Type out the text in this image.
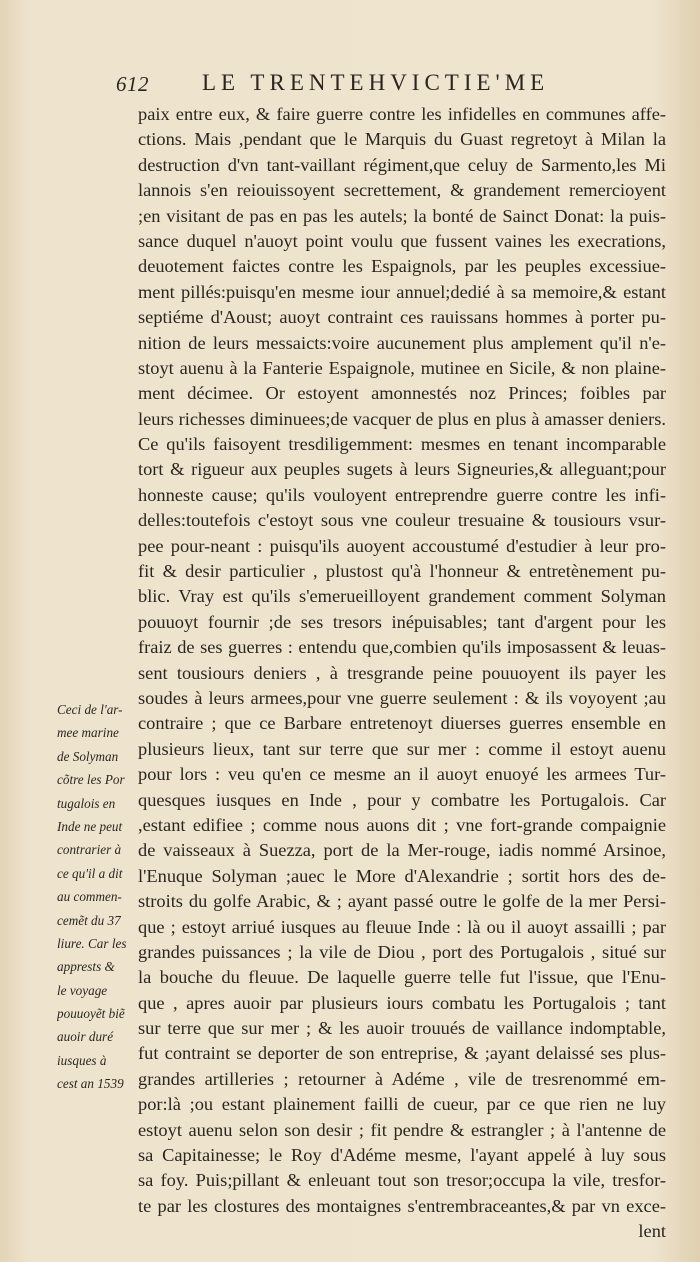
612 LE TRENTEHVICTIE'ME
Ceci de l'ar-
mee marine
de Solyman
cõtre les Por
tugalois en
Inde ne peut
contrarier à
ce qu'il a dit
au commen-
cemẽt du 37
liure. Car les
apprests &
le voyage
pouuoyẽt biẽ
auoir duré
iusques à
cest an 1539
paix entre eux, & faire guerre contre les infidelles en communes affe-
ctions. Mais ,pendant que le Marquis du Guast regretoyt à Milan la
destruction d'vn tant-vaillant régiment,que celuy de Sarmento,les Mi
lannois s'en reiouissoyent secrettement, & grandement remercioyent
;en visitant de pas en pas les autels; la bonté de Sainct Donat: la puis-
sance duquel n'auoyt point voulu que fussent vaines les execrations,
deuotement faictes contre les Espaignols, par les peuples excessiue-
ment pillés:puisqu'en mesme iour annuel;dedié à sa memoire,& estant
septiéme d'Aoust; auoyt contraint ces rauissans hommes à porter pu-
nition de leurs messaicts:voire aucunement plus amplement qu'il n'e-
stoyt auenu à la Fanterie Espaignole, mutinee en Sicile, & non plaine-
ment décimee. Or estoyent amonnestés noz Princes; foibles par
leurs richesses diminuees;de vacquer de plus en plus à amasser deniers.
Ce qu'ils faisoyent tresdiligemment: mesmes en tenant incomparable
tort & rigueur aux peuples sugets à leurs Signeuries,& alleguant;pour
honneste cause; qu'ils vouloyent entreprendre guerre contre les infi-
delles:toutefois c'estoyt sous vne couleur tresuaine & tousiours vsur-
pee pour-neant : puisqu'ils auoyent accoustumé d'estudier à leur pro-
fit & desir particulier , plustost qu'à l'honneur & entretènement pu-
blic. Vray est qu'ils s'emerueilloyent grandement comment Solyman
pouuoyt fournir ;de ses tresors inépuisables; tant d'argent pour les
fraiz de ses guerres : entendu que,combien qu'ils imposassent & leuas-
sent tousiours deniers , à tresgrande peine pouuoyent ils payer les
soudes à leurs armees,pour vne guerre seulement : & ils voyoyent ;au
contraire ; que ce Barbare entretenoyt diuerses guerres ensemble en
plusieurs lieux, tant sur terre que sur mer : comme il estoyt auenu
pour lors : veu qu'en ce mesme an il auoyt enuoyé les armees Tur-
quesques iusques en Inde , pour y combatre les Portugalois. Car
,estant edifiee ; comme nous auons dit ; vne fort-grande compaignie
de vaisseaux à Suezza, port de la Mer-rouge, iadis nommé Arsinoe,
l'Enuque Solyman ;auec le More d'Alexandrie ; sortit hors des de-
stroits du golfe Arabic, & ; ayant passé outre le golfe de la mer Persi-
que ; estoyt arriué iusques au fleuue Inde : là ou il auoyt assailli ; par
grandes puissances ; la vile de Diou , port des Portugalois , situé sur
la bouche du fleuue. De laquelle guerre telle fut l'issue, que l'Enu-
que , apres auoir par plusieurs iours combatu les Portugalois ; tant
sur terre que sur mer ; & les auoir trouués de vaillance indomptable,
fut contraint se deporter de son entreprise, & ;ayant delaissé ses plus-
grandes artilleries ; retourner à Adéme , vile de tresrenommé em-
por:là ;ou estant plainement failli de cueur, par ce que rien ne luy
estoyt auenu selon son desir ; fit pendre & estrangler ; à l'antenne de
sa Capitainesse; le Roy d'Adéme mesme, l'ayant appelé à luy sous
sa foy. Puis;pillant & enleuant tout son tresor;occupa la vile, tresfor-
te par les clostures des montaignes s'entrembraceantes,& par vn exce-
lent
